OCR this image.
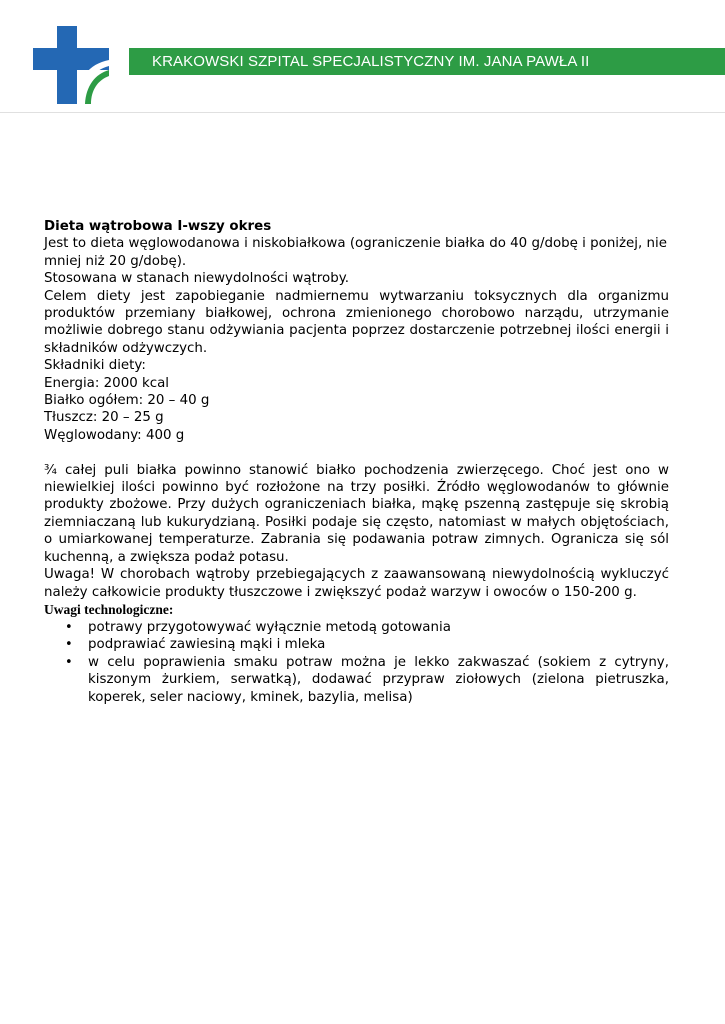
KRAKOWSKI SZPITAL SPECJALISTYCZNY IM. JANA PAWŁA II

Dieta wątrobowa I-wszy okres

Jest to dieta węglowodanowa i niskobiałkowa (ograniczenie białka do 40 g/dobę i poniżej, nie mniej niż 20 g/dobę).

Stosowana w stanach niewydolności wątroby.

Celem diety jest zapobieganie nadmiernemu wytwarzaniu toksycznych dla organizmu produktów przemiany białkowej, ochrona zmienionego chorobowo narządu, utrzymanie możliwie dobrego stanu odżywiania pacjenta poprzez dostarczenie potrzebnej ilości energii i składników odżywczych.

Składniki diety:

Energia: 2000 kcal

Białko ogółem: 20 – 40 g

Tłuszcz: 20 – 25 g

Węglowodany: 400 g

¾ całej puli białka powinno stanowić białko pochodzenia zwierzęcego. Choć jest ono w niewielkiej ilości powinno być rozłożone na trzy posiłki. Źródło węglowodanów to głównie produkty zbożowe. Przy dużych ograniczeniach białka, mąkę pszenną zastępuje się skrobią ziemniaczaną lub kukurydzianą. Posiłki podaje się często, natomiast w małych objętościach, o umiarkowanej temperaturze. Zabrania się podawania potraw zimnych. Ogranicza się sól kuchenną, a zwiększa podaż potasu.

Uwaga! W chorobach wątroby przebiegających z zaawansowaną niewydolnością wykluczyć należy całkowicie produkty tłuszczowe i zwiększyć podaż warzyw i owoców o 150-200 g.

Uwagi technologiczne:

• potrawy przygotowywać wyłącznie metodą gotowania
• podprawiać zawiesiną mąki i mleka
• w celu poprawienia smaku potraw można je lekko zakwaszać (sokiem z cytryny, kiszonym żurkiem, serwatką), dodawać przypraw ziołowych (zielona pietruszka, koperek, seler naciowy, kminek, bazylia, melisa)
